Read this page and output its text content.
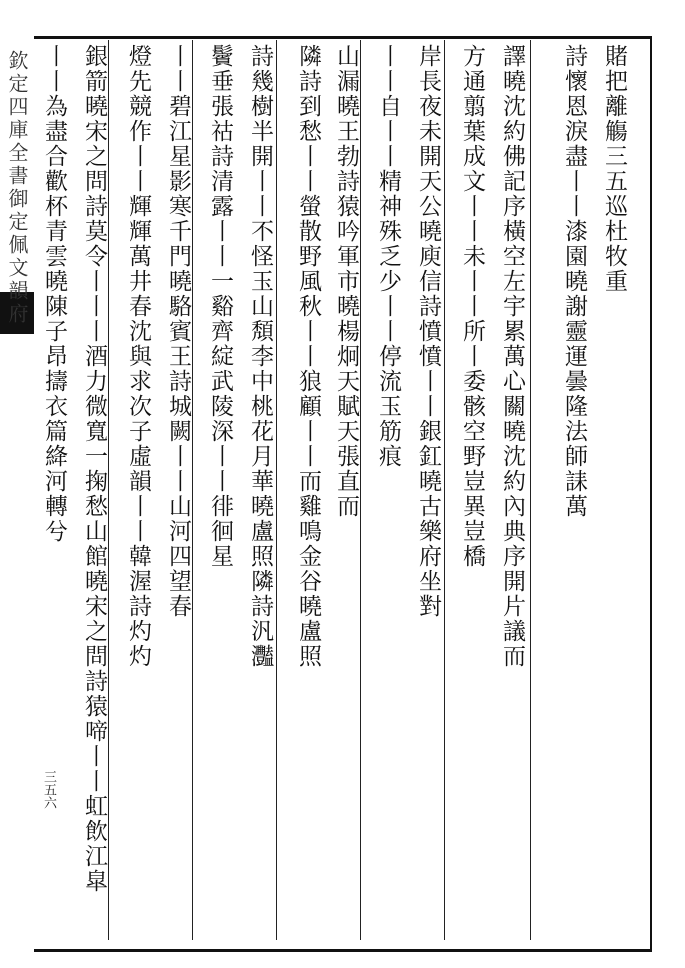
欽定四庫全書御定佩文韻府
三五六
賭把離觴三五巡杜牧重
詩懷恩淚盡丨丨漆園曉謝靈運曇隆法師誄萬
譯曉沈約佛記序橫空左宇累萬心關曉沈約內典序開片議而
方通翦葉成文丨丨未丨丨所丨委骸空野豈異豈橋
岸長夜未開天公曉庾信詩憤憤丨丨銀釭曉古樂府坐對
丨丨自丨丨精神殊乏少丨丨停流玉筋痕
山漏曉王勃詩猿吟軍市曉楊炯天賦天張直而
隣詩到愁丨丨螢散野風秋丨丨狼顧丨丨而雞鳴金谷曉盧照
詩幾樹半開丨丨不怪玉山頽李中桃花月華曉盧照隣詩汎灩
鬢垂張祜詩清露丨丨一谿齊綻武陵深丨丨徘徊星
丨丨碧江星影寒千門曉駱賓王詩城闕丨丨山河四望春
燈先競作丨丨輝輝萬井春沈與求次子虛韻丨丨韓渥詩灼灼
銀箭曉宋之問詩莫令丨丨丨酒力微寬一掬愁山館曉宋之問詩猿啼丨丨虹飲江皐
丨丨為盡合歡杯青雲曉陳子昂擣衣篇絳河轉兮
